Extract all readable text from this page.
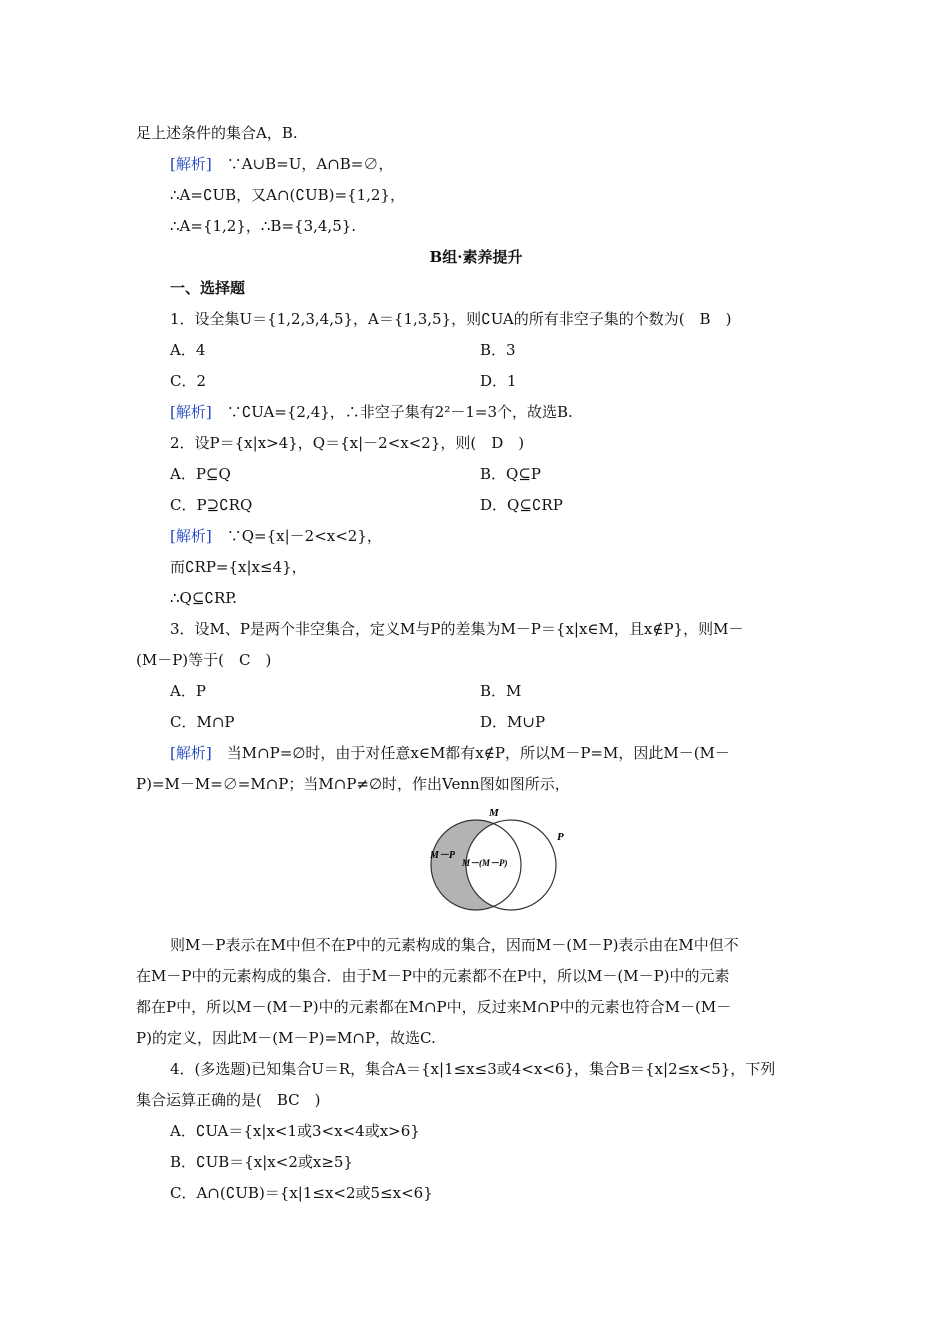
足上述条件的集合A，B.
[解析]　 ∵A∪B=U，A∩B=∅，
∴A=∁UB，又A∩(∁UB)={1,2}，
∴A={1,2}，∴B={3,4,5}.
B组·素养提升
一、选择题
1．设全集U＝{1,2,3,4,5}，A＝{1,3,5}，则∁UA的所有非空子集的个数为(　B　)
A．4	B．3
C．2	D．1
[解析]　 ∵∁UA={2,4}，∴非空子集有2²－1=3个，故选B.
2．设P＝{x|x>4}，Q＝{x|－2<x<2}，则(　D　)
A．P⊆Q	B．Q⊆P
C．P⊇∁RQ	D．Q⊆∁RP
[解析]　 ∵Q={x|－2<x<2}，
而∁RP={x|x≤4}，
∴Q⊆∁RP.
3．设M、P是两个非空集合，定义M与P的差集为M－P＝{x|x∈M，且x∉P}，则M－
(M－P)等于(　C　)
A．P	B．M
C．M∩P	D．M∪P
[解析]　 当M∩P=∅时，由于对任意x∈M都有x∉P，所以M－P=M，因此M－(M－
P)=M－M=∅=M∩P；当M∩P≠∅时，作出Venn图如图所示，
M
P
M－P
M－(M－P)
则M－P表示在M中但不在P中的元素构成的集合，因而M－(M－P)表示由在M中但不
在M－P中的元素构成的集合．由于M－P中的元素都不在P中，所以M－(M－P)中的元素
都在P中，所以M－(M－P)中的元素都在M∩P中，反过来M∩P中的元素也符合M－(M－
P)的定义，因此M－(M－P)=M∩P，故选C.
4．(多选题)已知集合U＝R，集合A＝{x|1≤x≤3或4<x<6}，集合B＝{x|2≤x<5}，下列
集合运算正确的是(　BC　)
A．∁UA＝{x|x<1或3<x<4或x>6}
B．∁UB＝{x|x<2或x≥5}
C．A∩(∁UB)＝{x|1≤x<2或5≤x<6}
